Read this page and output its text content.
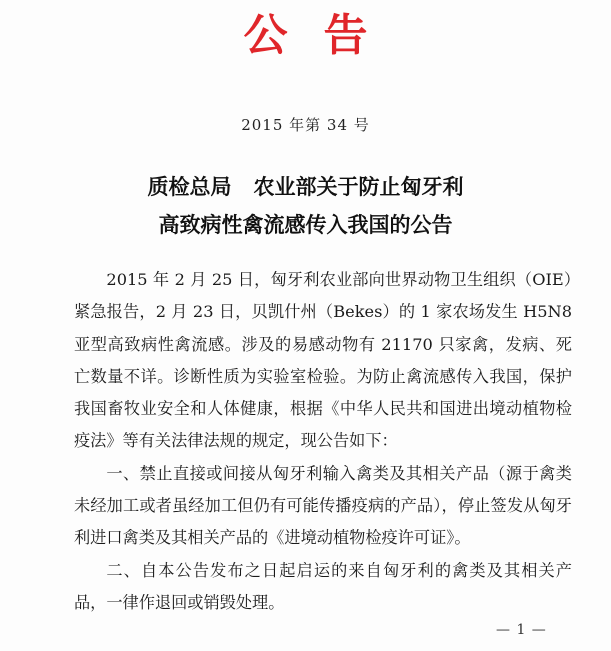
公告
2015 年第 34 号
质检总局 农业部关于防止匈牙利
高致病性禽流感传入我国的公告

2015 年 2 月 25 日，匈牙利农业部向世界动物卫生组织（OIE）紧急报告，2 月 23 日，贝凯什州（Bekes）的 1 家农场发生 H5N8 亚型高致病性禽流感。涉及的易感动物有 21170 只家禽，发病、死亡数量不详。诊断性质为实验室检验。为防止禽流感传入我国，保护我国畜牧业安全和人体健康，根据《中华人民共和国进出境动植物检疫法》等有关法律法规的规定，现公告如下：

一、禁止直接或间接从匈牙利输入禽类及其相关产品（源于禽类未经加工或者虽经加工但仍有可能传播疫病的产品），停止签发从匈牙利进口禽类及其相关产品的《进境动植物检疫许可证》。

二、自本公告发布之日起启运的来自匈牙利的禽类及其相关产品，一律作退回或销毁处理。

— 1 —
